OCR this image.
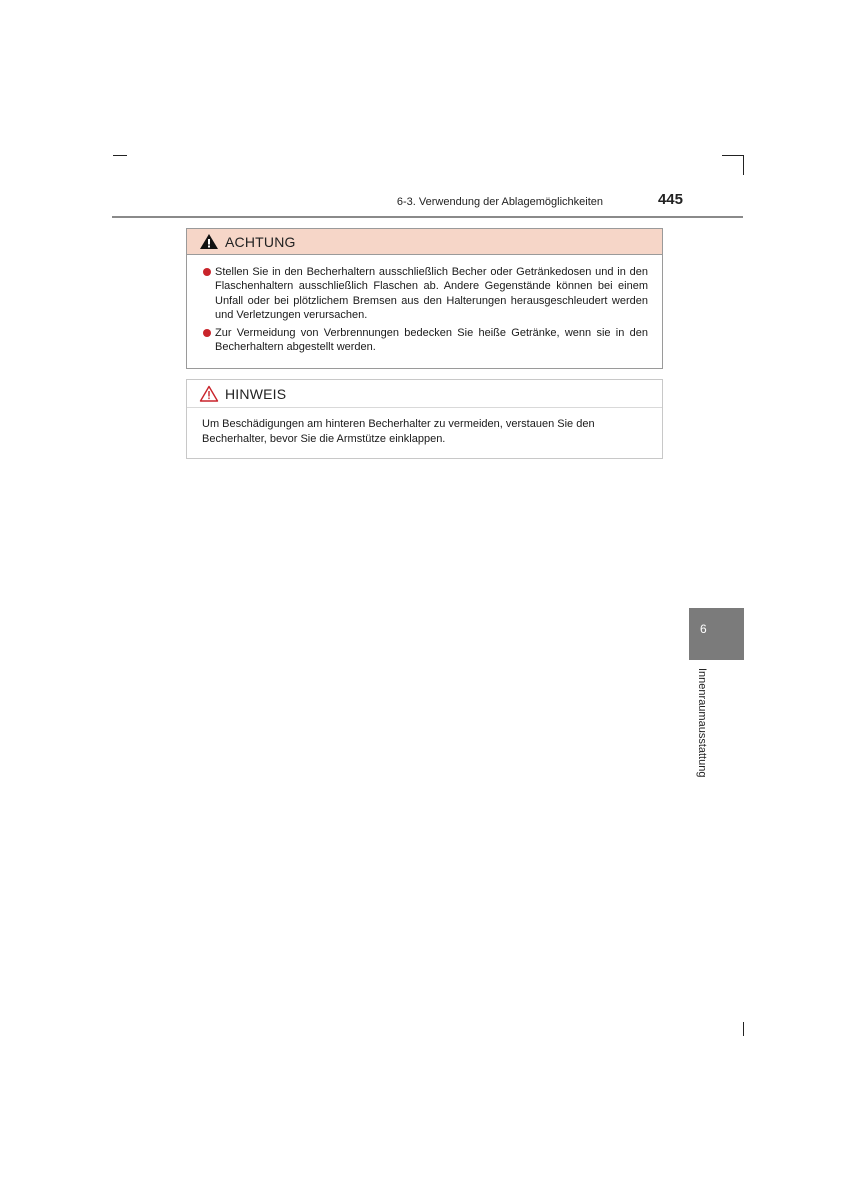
6-3. Verwendung der Ablagemöglichkeiten	445
ACHTUNG
Stellen Sie in den Becherhaltern ausschließlich Becher oder Getränkedosen und in den Flaschenhaltern ausschließlich Flaschen ab. Andere Gegenstände können bei einem Unfall oder bei plötzlichem Bremsen aus den Halterungen herausgeschleudert werden und Verletzungen verursachen.
Zur Vermeidung von Verbrennungen bedecken Sie heiße Getränke, wenn sie in den Becherhaltern abgestellt werden.
HINWEIS
Um Beschädigungen am hinteren Becherhalter zu vermeiden, verstauen Sie den Becherhalter, bevor Sie die Armstütze einklappen.
6
Innenraumausstattung
